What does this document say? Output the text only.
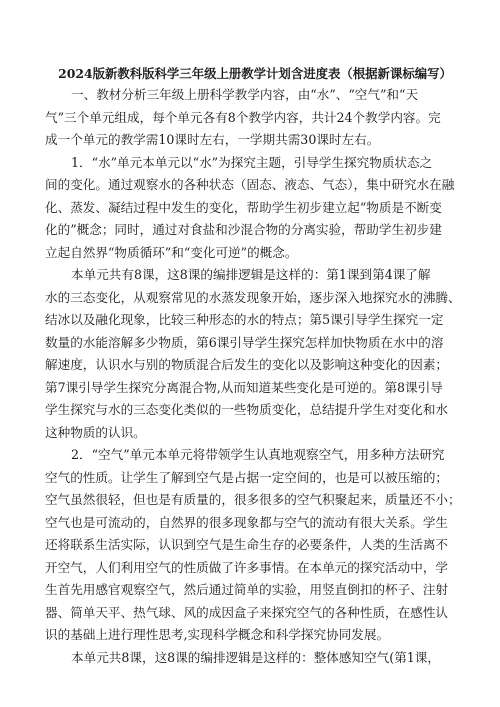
2024版新教科版科学三年级上册教学计划含进度表（根据新课标编写）
一、教材分析三年级上册科学教学内容，由“水”、“空气”和“天
气”三个单元组成，每个单元各有8个教学内容，共计24个教学内容。完
成一个单元的教学需10课时左右，一学期共需30课时左右。
1．“水”单元本单元以“水”为探究主题，引导学生探究物质状态之
间的变化。通过观察水的各种状态（固态、液态、气态），集中研究水在融
化、蒸发、凝结过程中发生的变化，帮助学生初步建立起“物质是不断变
化的”概念；同时，通过对食盐和沙混合物的分离实验，帮助学生初步建
立起自然界“物质循环”和“变化可逆”的概念。
本单元共有8课，这8课的编排逻辑是这样的：第1课到第4课了解
水的三态变化，从观察常见的水蒸发现象开始，逐步深入地探究水的沸腾、
结冰以及融化现象，比较三种形态的水的特点；第5课引导学生探究一定
数量的水能溶解多少物质，第6课引导学生探究怎样加快物质在水中的溶
解速度，认识水与别的物质混合后发生的变化以及影响这种变化的因素；
第7课引导学生探究分离混合物,从而知道某些变化是可逆的。第8课引导
学生探究与水的三态变化类似的一些物质变化，总结提升学生对变化和水
这种物质的认识。
2．“空气”单元本单元将带领学生认真地观察空气，用多种方法研究
空气的性质。让学生了解到空气是占据一定空间的，也是可以被压缩的；
空气虽然很轻，但也是有质量的，很多很多的空气积聚起来，质量还不小；
空气也是可流动的，自然界的很多现象都与空气的流动有很大关系。学生
还将联系生活实际，认识到空气是生命生存的必要条件，人类的生活离不
开空气，人们利用空气的性质做了许多事情。在本单元的探究活动中，学
生首先用感官观察空气，然后通过简单的实验，用竖直倒扣的杯子、注射
器、简单天平、热气球、风的成因盒子来探究空气的各种性质，在感性认
识的基础上进行理性思考,实现科学概念和科学探究协同发展。
本单元共8课，这8课的编排逻辑是这样的：整体感知空气(第1课，
